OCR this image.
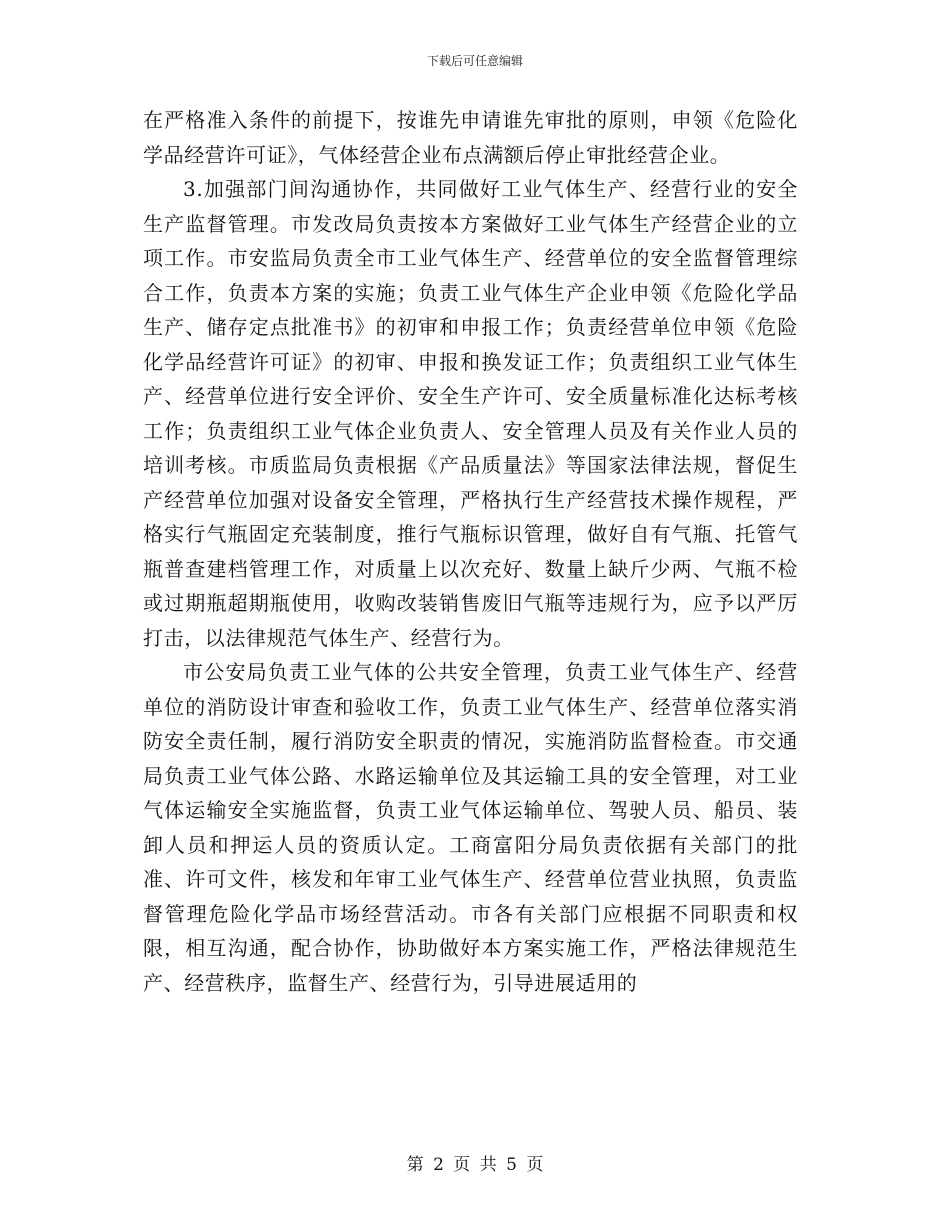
下载后可任意编辑

在严格准入条件的前提下，按谁先申请谁先审批的原则，申领《危险化学品经营许可证》，气体经营企业布点满额后停止审批经营企业。

3.加强部门间沟通协作，共同做好工业气体生产、经营行业的安全生产监督管理。市发改局负责按本方案做好工业气体生产经营企业的立项工作。市安监局负责全市工业气体生产、经营单位的安全监督管理综合工作，负责本方案的实施；负责工业气体生产企业申领《危险化学品生产、储存定点批准书》的初审和申报工作；负责经营单位申领《危险化学品经营许可证》的初审、申报和换发证工作；负责组织工业气体生产、经营单位进行安全评价、安全生产许可、安全质量标准化达标考核工作；负责组织工业气体企业负责人、安全管理人员及有关作业人员的培训考核。市质监局负责根据《产品质量法》等国家法律法规，督促生产经营单位加强对设备安全管理，严格执行生产经营技术操作规程，严格实行气瓶固定充装制度，推行气瓶标识管理，做好自有气瓶、托管气瓶普查建档管理工作，对质量上以次充好、数量上缺斤少两、气瓶不检或过期瓶超期瓶使用，收购改装销售废旧气瓶等违规行为，应予以严厉打击，以法律规范气体生产、经营行为。

市公安局负责工业气体的公共安全管理，负责工业气体生产、经营单位的消防设计审查和验收工作，负责工业气体生产、经营单位落实消防安全责任制，履行消防安全职责的情况，实施消防监督检查。市交通局负责工业气体公路、水路运输单位及其运输工具的安全管理，对工业气体运输安全实施监督，负责工业气体运输单位、驾驶人员、船员、装卸人员和押运人员的资质认定。工商富阳分局负责依据有关部门的批准、许可文件，核发和年审工业气体生产、经营单位营业执照，负责监督管理危险化学品市场经营活动。市各有关部门应根据不同职责和权限，相互沟通，配合协作，协助做好本方案实施工作，严格法律规范生产、经营秩序，监督生产、经营行为，引导进展适用的

第 2 页 共 5 页
